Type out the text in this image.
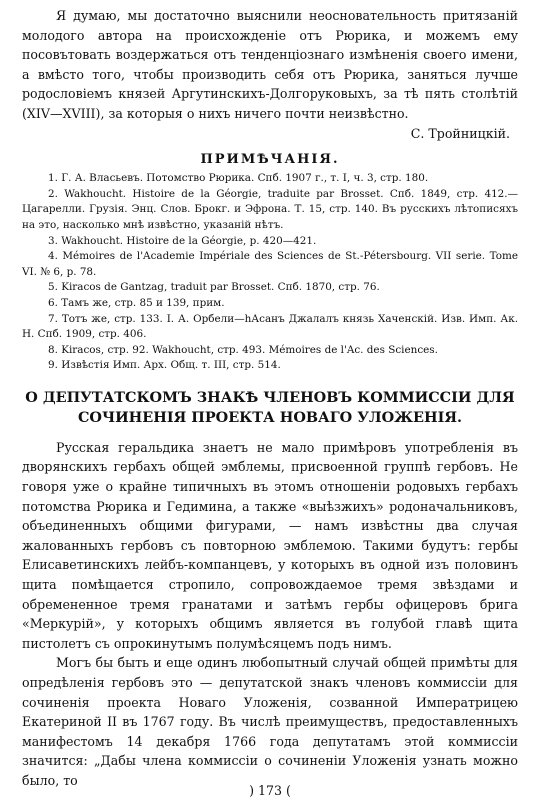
Я думаю, мы достаточно выяснили неосновательность притязаній молодого автора на происхожденіе отъ Рюрика, и можемъ ему посовътовать воздержаться отъ тенденціознаго измѣненія своего имени, а вмѣсто того, чтобы производить себя отъ Рюрика, заняться лучше родословіемъ князей Аргутинскихъ-Долгоруковыхъ, за тѣ пять столѣтій (XIV—XVIII), за которыя о нихъ ничего почти неизвѣстно.

С. Тройницкій.

ПРИМѢЧАНІЯ.
1. Г. А. Власьевъ. Потомство Рюрика. Спб. 1907 г., т. I, ч. 3, стр. 180.
2. Wakhoucht. Histoire de la Géorgie, traduite par Brosset. Спб. 1849, стр. 412.— Цагарелли. Грузія. Энц. Слов. Брокг. и Эфрона. Т. 15, стр. 140. Въ русскихъ лѣтописяхъ на это, насколько мнѣ извѣстно, указаній нѣтъ.
3. Wakhoucht. Histoire de la Géorgie, p. 420—421.
4. Mémoires de l'Academie Impériale des Sciences de St.-Pétersbourg. VII serie. Tome VI. № 6, p. 78.
5. Kiracos de Gantzag, traduit par Brosset. Спб. 1870, стр. 76.
6. Тамъ же, стр. 85 и 139, прим.
7. Тотъ же, стр. 133. І. А. Орбели—hАсанъ Джалалъ князь Хаченскій. Изв. Имп. Ак. Н. Спб. 1909, стр. 406.
8. Kiracos, стр. 92. Wakhoucht, стр. 493. Mémoires de l'Ac. des Sciences.
9. Извѣстія Имп. Арх. Общ. т. III, стр. 514.
О ДЕПУТАТСКОМЪ ЗНАКѢ ЧЛЕНОВЪ КОММИССІИ ДЛЯ СОЧИНЕНІЯ ПРОЕКТА НОВАГО УЛОЖЕНІЯ.

Русская геральдика знаетъ не мало примѣровъ употребленія въ дворянскихъ гербахъ общей эмблемы, присвоенной группѣ гербовъ. Не говоря уже о крайне типичныхъ въ этомъ отношеніи родовыхъ гербахъ потомства Рюрика и Гедимина, а также «выѣзжихъ» родоначальниковъ, объединенныхъ общими фигурами, — намъ извѣстны два случая жалованныхъ гербовъ съ повторною эмблемою. Такими будутъ: гербы Елисаветинскихъ лейбъ-компанцевъ, у которыхъ въ одной изъ половинъ щита помѣщается стропило, сопровождаемое тремя звѣздами и обремененное тремя гранатами и затѣмъ гербы офицеровъ брига «Меркурій», у которыхъ общимъ является въ голубой главѣ щита пистолетъ съ опрокинутымъ полумѣсяцемъ подъ нимъ.

Могъ бы быть и еще одинъ любопытный случай общей примѣты для опредѣленія гербовъ это — депутатской знакъ членовъ коммиссіи для сочиненія проекта Новаго Уложенія, созванной Императрицею Екатериной II въ 1767 году. Въ числѣ преимуществъ, предоставленныхъ манифестомъ 14 декабря 1766 года депутатамъ этой коммиссіи значится: „Дабы члена коммиссіи о сочиненіи Уложенія узнать можно было, то

) 173 (
